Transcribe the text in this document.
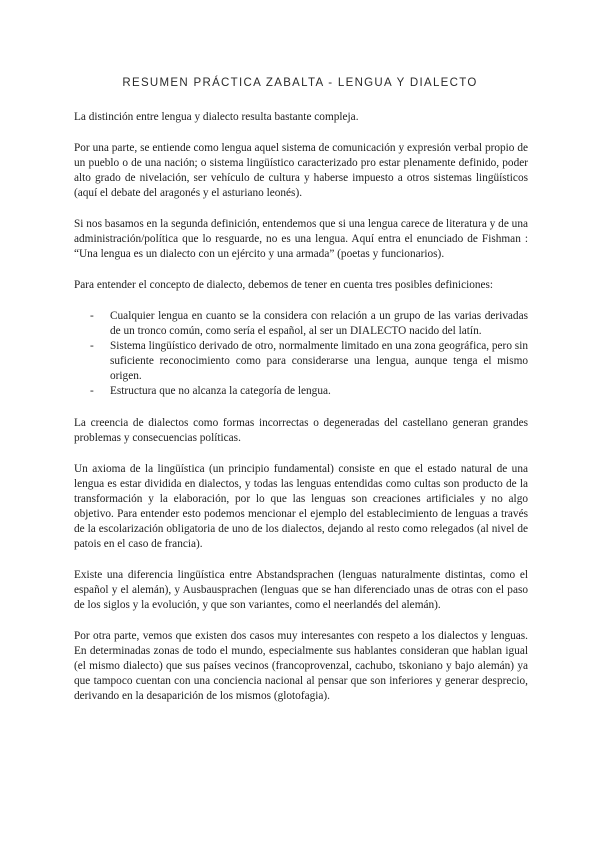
RESUMEN PRÁCTICA ZABALTA - LENGUA Y DIALECTO

La distinción entre lengua y dialecto resulta bastante compleja.

Por una parte, se entiende como lengua aquel sistema de comunicación y expresión verbal propio de un pueblo o de una nación; o sistema lingüístico caracterizado pro estar plenamente definido, poder alto grado de nivelación, ser vehículo de cultura y haberse impuesto a otros sistemas lingüísticos (aquí el debate del aragonés y el asturiano leonés).

Si nos basamos en la segunda definición, entendemos que si una lengua carece de literatura y de una administración/política que lo resguarde, no es una lengua. Aquí entra el enunciado de Fishman : “Una lengua es un dialecto con un ejército y una armada” (poetas y funcionarios).

Para entender el concepto de dialecto, debemos de tener en cuenta tres posibles definiciones:

- Cualquier lengua en cuanto se la considera con relación a un grupo de las varias derivadas de un tronco común, como sería el español, al ser un DIALECTO nacido del latín.
- Sistema lingüístico derivado de otro, normalmente limitado en una zona geográfica, pero sin suficiente reconocimiento como para considerarse una lengua, aunque tenga el mismo origen.
- Estructura que no alcanza la categoría de lengua.

La creencia de dialectos como formas incorrectas o degeneradas del castellano generan grandes problemas y consecuencias políticas.

Un axioma de la lingüística (un principio fundamental) consiste en que el estado natural de una lengua es estar dividida en dialectos, y todas las lenguas entendidas como cultas son producto de la transformación y la elaboración, por lo que las lenguas son creaciones artificiales y no algo objetivo. Para entender esto podemos mencionar el ejemplo del establecimiento de lenguas a través de la escolarización obligatoria de uno de los dialectos, dejando al resto como relegados (al nivel de patois en el caso de francia).

Existe una diferencia lingüística entre Abstandsprachen (lenguas naturalmente distintas, como el español y el alemán), y Ausbausprachen (lenguas que se han diferenciado unas de otras con el paso de los siglos y la evolución, y que son variantes, como el neerlandés del alemán).

Por otra parte, vemos que existen dos casos muy interesantes con respeto a los dialectos y lenguas. En determinadas zonas de todo el mundo, especialmente sus hablantes consideran que hablan igual (el mismo dialecto) que sus países vecinos (francoprovenzal, cachubo, tskoniano y bajo alemán) ya que tampoco cuentan con una conciencia nacional al pensar que son inferiores y generar desprecio, derivando en la desaparición de los mismos (glotofagia).
